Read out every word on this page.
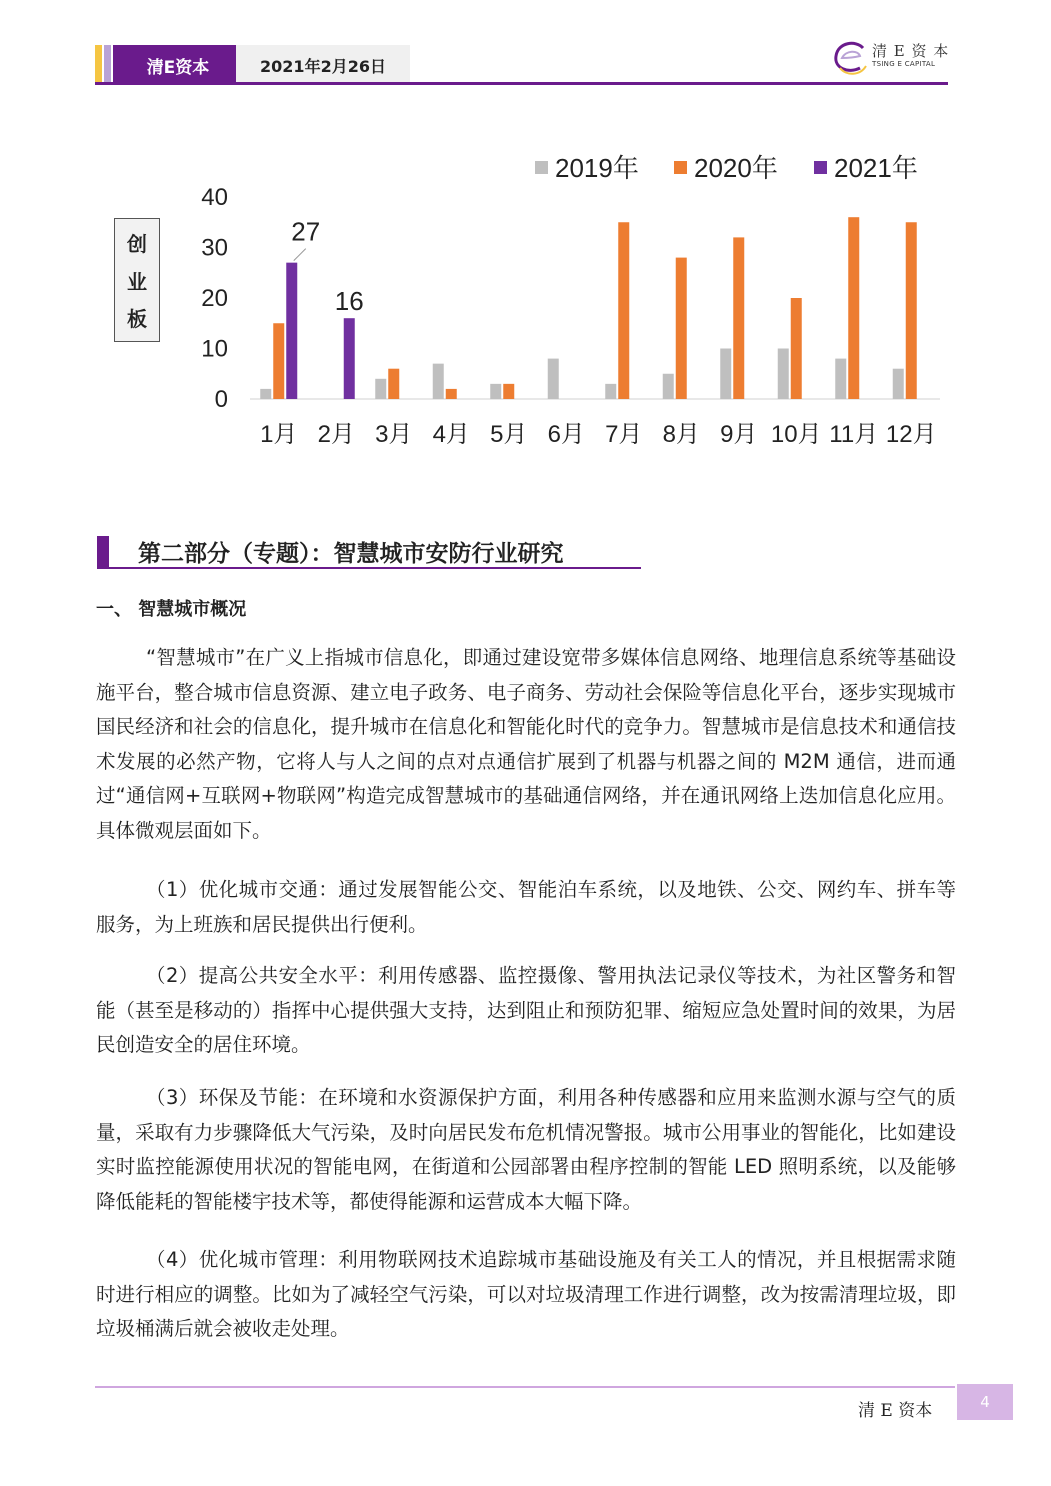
清E资本	2021年2月26日
清 E 资 本
TSING E CAPITAL
0
10
20
30
40
1月 2月 3月 4月 5月 6月 7月 8月 9月 10月 11月 12月
27
16
2019年 2020年 2021年
创
业
板
第二部分（专题）：智慧城市安防行业研究
一、 智慧城市概况

“智慧城市”在广义上指城市信息化，即通过建设宽带多媒体信息网络、地理信息系统等基础设施平台，整合城市信息资源、建立电子政务、电子商务、劳动社会保险等信息化平台，逐步实现城市国民经济和社会的信息化，提升城市在信息化和智能化时代的竞争力。智慧城市是信息技术和通信技术发展的必然产物，它将人与人之间的点对点通信扩展到了机器与机器之间的 M2M 通信，进而通过“通信网+互联网+物联网”构造完成智慧城市的基础通信网络，并在通讯网络上迭加信息化应用。具体微观层面如下。

（1）优化城市交通：通过发展智能公交、智能泊车系统，以及地铁、公交、网约车、拼车等服务，为上班族和居民提供出行便利。

（2）提高公共安全水平：利用传感器、监控摄像、警用执法记录仪等技术，为社区警务和智能（甚至是移动的）指挥中心提供强大支持，达到阻止和预防犯罪、缩短应急处置时间的效果，为居民创造安全的居住环境。

（3）环保及节能：在环境和水资源保护方面，利用各种传感器和应用来监测水源与空气的质量，采取有力步骤降低大气污染，及时向居民发布危机情况警报。城市公用事业的智能化，比如建设实时监控能源使用状况的智能电网，在街道和公园部署由程序控制的智能 LED 照明系统，以及能够降低能耗的智能楼宇技术等，都使得能源和运营成本大幅下降。

（4）优化城市管理：利用物联网技术追踪城市基础设施及有关工人的情况，并且根据需求随时进行相应的调整。比如为了减轻空气污染，可以对垃圾清理工作进行调整，改为按需清理垃圾，即垃圾桶满后就会被收走处理。

清 E 资本	4
